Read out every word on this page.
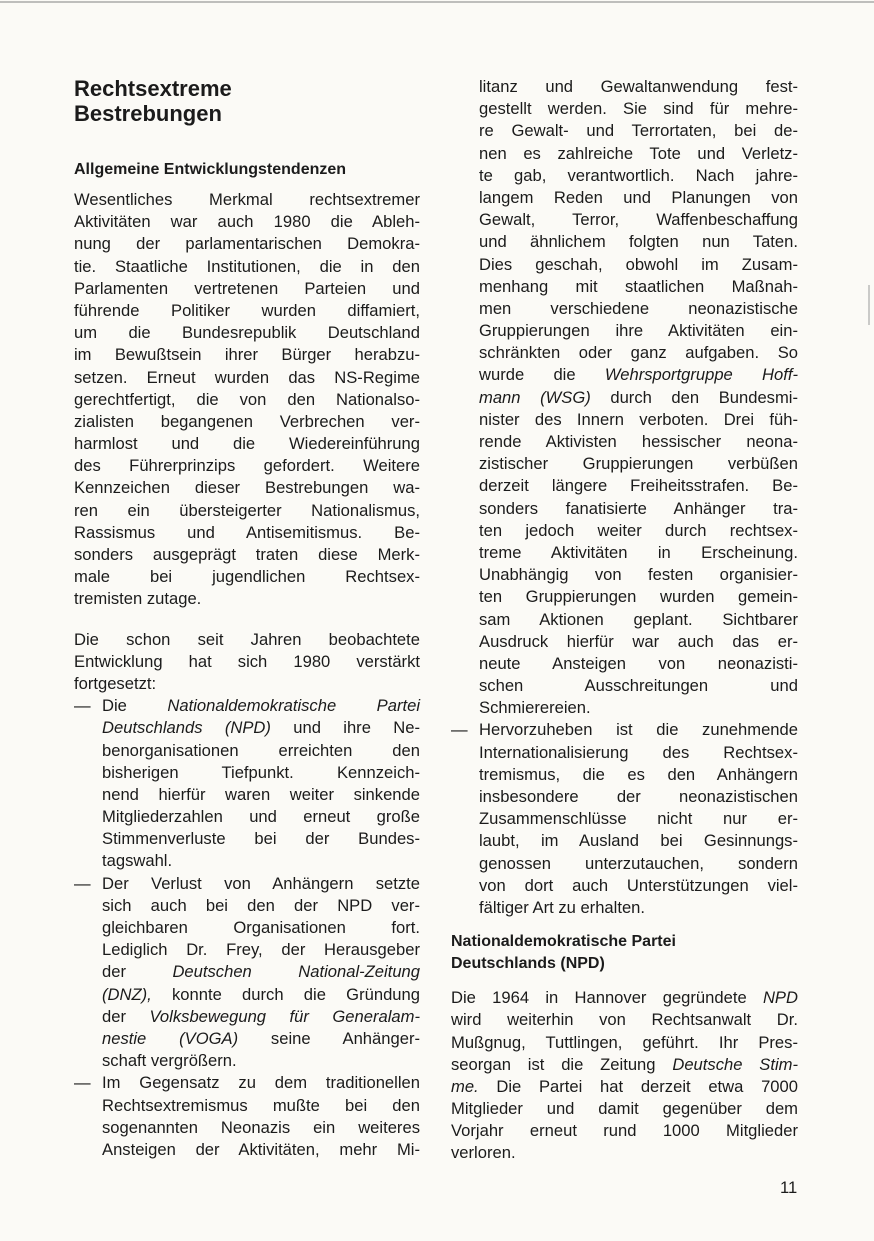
Rechtsextreme
Bestrebungen
Allgemeine Entwicklungstendenzen
Wesentliches Merkmal rechtsextremer
Aktivitäten war auch 1980 die Ableh-
nung der parlamentarischen Demokra-
tie. Staatliche Institutionen, die in den
Parlamenten vertretenen Parteien und
führende Politiker wurden diffamiert,
um die Bundesrepublik Deutschland
im Bewußtsein ihrer Bürger herabzu-
setzen. Erneut wurden das NS-Regime
gerechtfertigt, die von den Nationalso-
zialisten begangenen Verbrechen ver-
harmlost und die Wiedereinführung
des Führerprinzips gefordert. Weitere
Kennzeichen dieser Bestrebungen wa-
ren ein übersteigerter Nationalismus,
Rassismus und Antisemitismus. Be-
sonders ausgeprägt traten diese Merk-
male bei jugendlichen Rechtsex-
tremisten zutage.
Die schon seit Jahren beobachtete
Entwicklung hat sich 1980 verstärkt
fortgesetzt:
— Die Nationaldemokratische Partei
Deutschlands (NPD) und ihre Ne-
benorganisationen erreichten den
bisherigen Tiefpunkt. Kennzeich-
nend hierfür waren weiter sinkende
Mitgliederzahlen und erneut große
Stimmenverluste bei der Bundes-
tagswahl.
— Der Verlust von Anhängern setzte
sich auch bei den der NPD ver-
gleichbaren Organisationen fort.
Lediglich Dr. Frey, der Herausgeber
der Deutschen National-Zeitung
(DNZ), konnte durch die Gründung
der Volksbewegung für Generalam-
nestie (VOGA) seine Anhänger-
schaft vergrößern.
— Im Gegensatz zu dem traditionellen
Rechtsextremismus mußte bei den
sogenannten Neonazis ein weiteres
Ansteigen der Aktivitäten, mehr Mi-
litanz und Gewaltanwendung fest-
gestellt werden. Sie sind für mehre-
re Gewalt- und Terrortaten, bei de-
nen es zahlreiche Tote und Verletz-
te gab, verantwortlich. Nach jahre-
langem Reden und Planungen von
Gewalt, Terror, Waffenbeschaffung
und ähnlichem folgten nun Taten.
Dies geschah, obwohl im Zusam-
menhang mit staatlichen Maßnah-
men verschiedene neonazistische
Gruppierungen ihre Aktivitäten ein-
schränkten oder ganz aufgaben. So
wurde die Wehrsportgruppe Hoff-
mann (WSG) durch den Bundesmi-
nister des Innern verboten. Drei füh-
rende Aktivisten hessischer neona-
zistischer Gruppierungen verbüßen
derzeit längere Freiheitsstrafen. Be-
sonders fanatisierte Anhänger tra-
ten jedoch weiter durch rechtsex-
treme Aktivitäten in Erscheinung.
Unabhängig von festen organisier-
ten Gruppierungen wurden gemein-
sam Aktionen geplant. Sichtbarer
Ausdruck hierfür war auch das er-
neute Ansteigen von neonazisti-
schen Ausschreitungen und
Schmierereien.
— Hervorzuheben ist die zunehmende
Internationalisierung des Rechtsex-
tremismus, die es den Anhängern
insbesondere der neonazistischen
Zusammenschlüsse nicht nur er-
laubt, im Ausland bei Gesinnungs-
genossen unterzutauchen, sondern
von dort auch Unterstützungen viel-
fältiger Art zu erhalten.
Nationaldemokratische Partei
Deutschlands (NPD)
Die 1964 in Hannover gegründete NPD
wird weiterhin von Rechtsanwalt Dr.
Mußgnug, Tuttlingen, geführt. Ihr Pres-
seorgan ist die Zeitung Deutsche Stim-
me. Die Partei hat derzeit etwa 7000
Mitglieder und damit gegenüber dem
Vorjahr erneut rund 1000 Mitglieder
verloren.
11
